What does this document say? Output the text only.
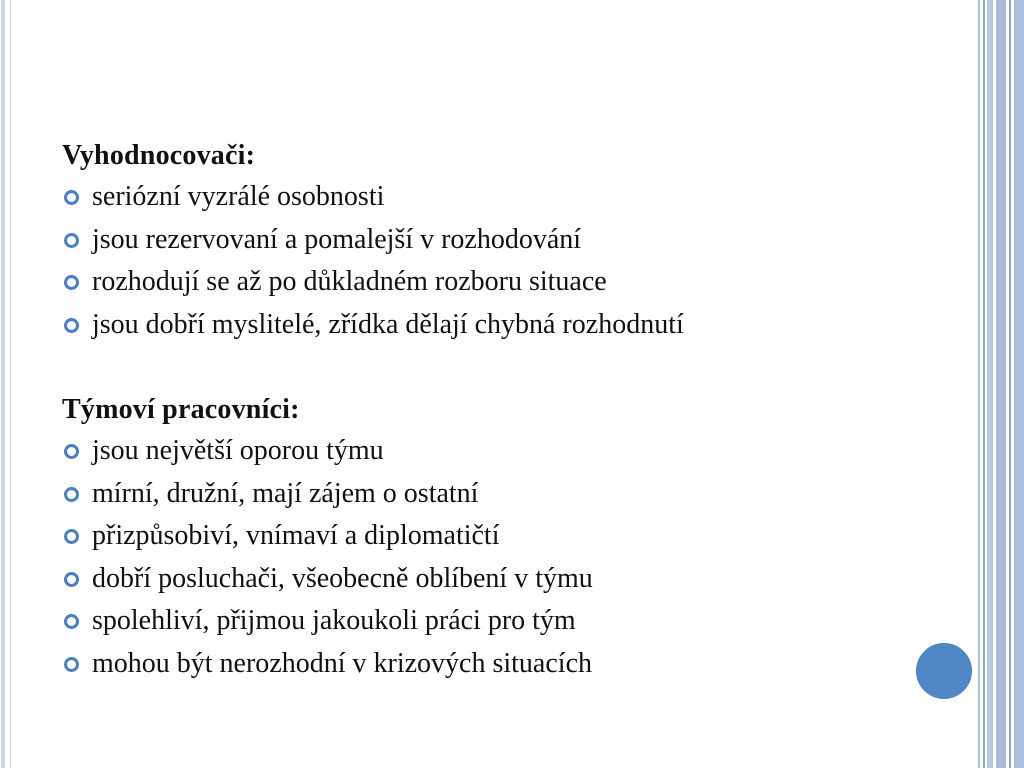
Vyhodnocovači:
seriózní vyzrálé osobnosti
jsou rezervovaní a pomalejší v rozhodování
rozhodují se až po důkladném rozboru situace
jsou dobří myslitelé, zřídka dělají chybná rozhodnutí
Týmoví pracovníci:
jsou největší oporou týmu
mírní, družní, mají zájem o ostatní
přizpůsobiví, vnímaví a diplomatičtí
dobří posluchači, všeobecně oblíbení v týmu
spolehliví, přijmou jakoukoli práci pro tým
mohou být nerozhodní v krizových situacích
